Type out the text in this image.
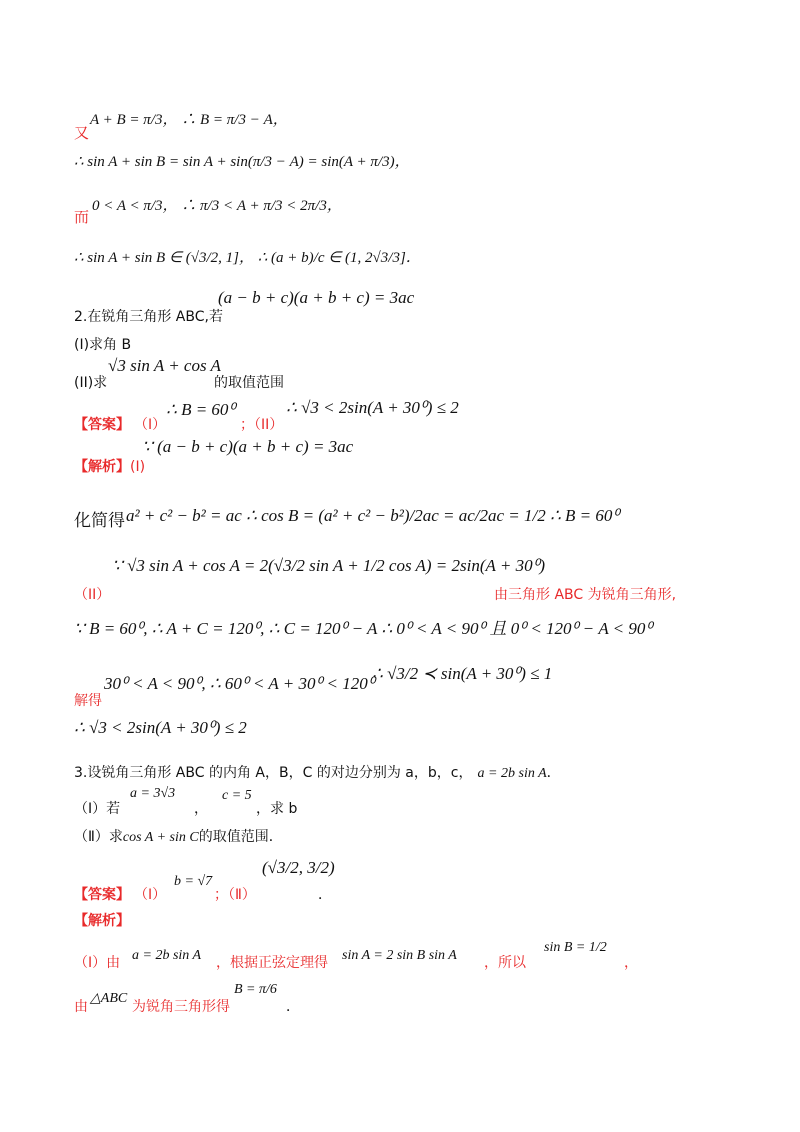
又
A + B = π/3， ∴ B = π/3 − A，
∴ sin A + sin B = sin A + sin(π/3 − A) = sin(A + π/3)，
而
0 < A < π/3， ∴ π/3 < A + π/3 < 2π/3，
∴ sin A + sin B ∈ (√3/2, 1]， ∴ (a + b)/c ∈ (1, 2√3/3]．
2.在锐角三角形 ABC,若
(a − b + c)(a + b + c) = 3ac
(I)求角 B
(II)求
√3 sin A + cos A
的取值范围
【答案】 （I）
∴ B = 60⁰
；（II）
∴ √3 < 2sin(A + 30⁰) ≤ 2
∵ (a − b + c)(a + b + c) = 3ac
【解析】(I)
化简得 a² + c² − b² = ac ∴ cos B = (a² + c² − b²)/2ac = ac/2ac = 1/2 ∴ B = 60⁰
∵ √3 sin A + cos A = 2(√3/2 sin A + 1/2 cos A) = 2sin(A + 30⁰)
（II）	由三角形 ABC 为锐角三角形,
∵ B = 60⁰, ∴ A + C = 120⁰, ∴ C = 120⁰ − A ∴ 0⁰ < A < 90⁰ 且 0⁰ < 120⁰ − A < 90⁰
30⁰ < A < 90⁰, ∴ 60⁰ < A + 30⁰ < 120⁰
∴ √3/2 ≺ sin(A + 30⁰) ≤ 1
解得
∴ √3 < 2sin(A + 30⁰) ≤ 2
3.设锐角三角形 ABC 的内角 A，B，C 的对边分别为 a，b，c， a = 2b sin A．
（Ⅰ）若
a = 3√3
，
c = 5
，求 b
（Ⅱ）求cos A + sin C的取值范围．
【答案】 （Ⅰ）
b = √7
；（Ⅱ）
(√3/2, 3/2)
．
【解析】
（Ⅰ）由 a = 2b sin A ，根据正弦定理得 sin A = 2 sin B sin A ，所以
sin B = 1/2
，
由
△ABC
为锐角三角形得
B = π/6
．
